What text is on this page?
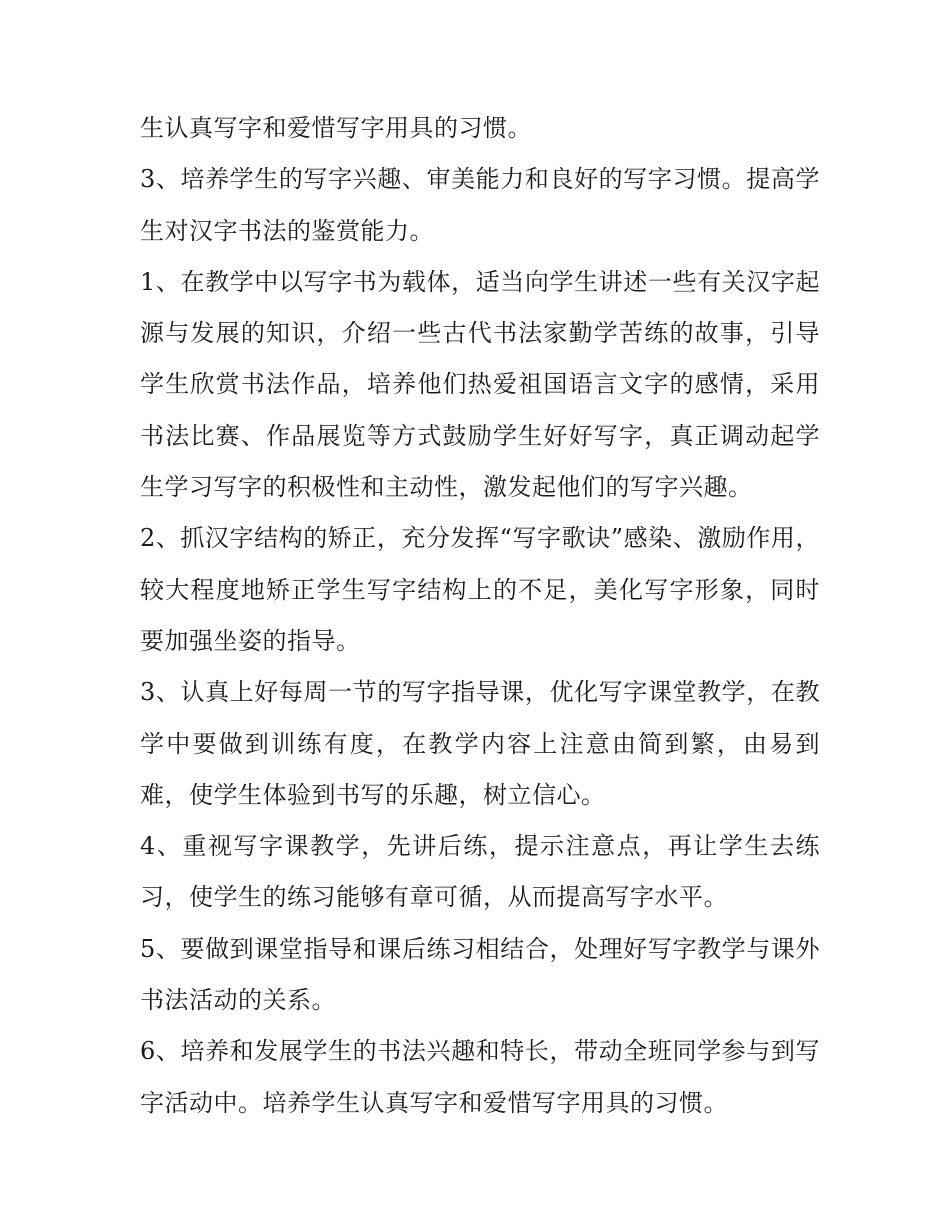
生认真写字和爱惜写字用具的习惯。

3、培养学生的写字兴趣、审美能力和良好的写字习惯。提高学生对汉字书法的鉴赏能力。

1、在教学中以写字书为载体，适当向学生讲述一些有关汉字起源与发展的知识，介绍一些古代书法家勤学苦练的故事，引导学生欣赏书法作品，培养他们热爱祖国语言文字的感情，采用书法比赛、作品展览等方式鼓励学生好好写字，真正调动起学生学习写字的积极性和主动性，激发起他们的写字兴趣。

2、抓汉字结构的矫正，充分发挥“写字歌诀”感染、激励作用，较大程度地矫正学生写字结构上的不足，美化写字形象，同时要加强坐姿的指导。

3、认真上好每周一节的写字指导课，优化写字课堂教学，在教学中要做到训练有度，在教学内容上注意由简到繁，由易到难，使学生体验到书写的乐趣，树立信心。

4、重视写字课教学，先讲后练，提示注意点，再让学生去练习，使学生的练习能够有章可循，从而提高写字水平。

5、要做到课堂指导和课后练习相结合，处理好写字教学与课外书法活动的关系。

6、培养和发展学生的书法兴趣和特长，带动全班同学参与到写字活动中。培养学生认真写字和爱惜写字用具的习惯。
